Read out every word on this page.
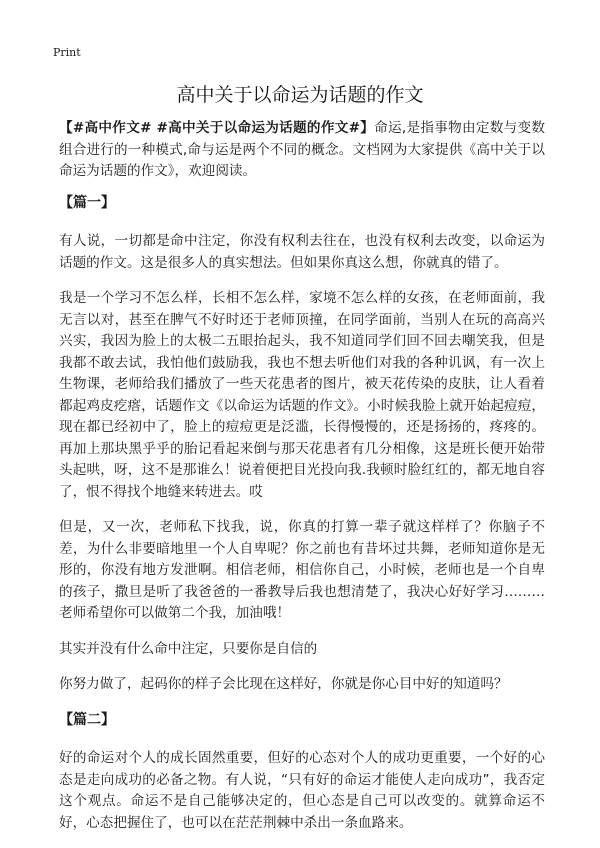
Print
高中关于以命运为话题的作文

【#高中作文# #高中关于以命运为话题的作文#】命运,是指事物由定数与变数组合进行的一种模式,命与运是两个不同的概念。文档网为大家提供《高中关于以命运为话题的作文》，欢迎阅读。

【篇一】

有人说，一切都是命中注定，你没有权利去往在，也没有权利去改变，以命运为话题的作文。这是很多人的真实想法。但如果你真这么想，你就真的错了。

我是一个学习不怎么样，长相不怎么样，家境不怎么样的女孩，在老师面前，我无言以对，甚至在脾气不好时还于老师顶撞，在同学面前，当别人在玩的高高兴兴实，我因为脸上的太极二五眼抬起头，我不知道同学们回不回去嘲笑我，但是我都不敢去试，我怕他们鼓励我，我也不想去听他们对我的各种讥讽，有一次上生物课，老师给我们播放了一些天花患者的图片，被天花传染的皮肤，让人看着都起鸡皮疙瘩，话题作文《以命运为话题的作文》。小时候我脸上就开始起痘痘，现在都已经初中了，脸上的痘痘更是泛滥，长得慢慢的，还是扬扬的，疼疼的。再加上那块黑乎乎的胎记看起来倒与那天花患者有几分相像，这是班长便开始带头起哄，呀，这不是那谁么！说着便把目光投向我.我顿时脸红红的，都无地自容了，恨不得找个地缝来转进去。哎

但是，又一次，老师私下找我，说，你真的打算一辈子就这样样了？你脑子不差，为什么非要暗地里一个人自卑呢？你之前也有昔坏过共舞，老师知道你是无形的，你没有地方发泄啊。相信老师，相信你自己，小时候，老师也是一个自卑的孩子，撒旦是听了我爸爸的一番教导后我也想清楚了，我决心好好学习………老师希望你可以做第二个我，加油哦！

其实并没有什么命中注定，只要你是自信的

你努力做了，起码你的样子会比现在这样好，你就是你心目中好的知道吗？

【篇二】

好的命运对个人的成长固然重要，但好的心态对个人的成功更重要，一个好的心态是走向成功的必备之物。有人说，“只有好的命运才能使人走向成功”，我否定这个观点。命运不是自己能够决定的，但心态是自己可以改变的。就算命运不好，心态把握住了，也可以在茫茫荆棘中杀出一条血路来。
